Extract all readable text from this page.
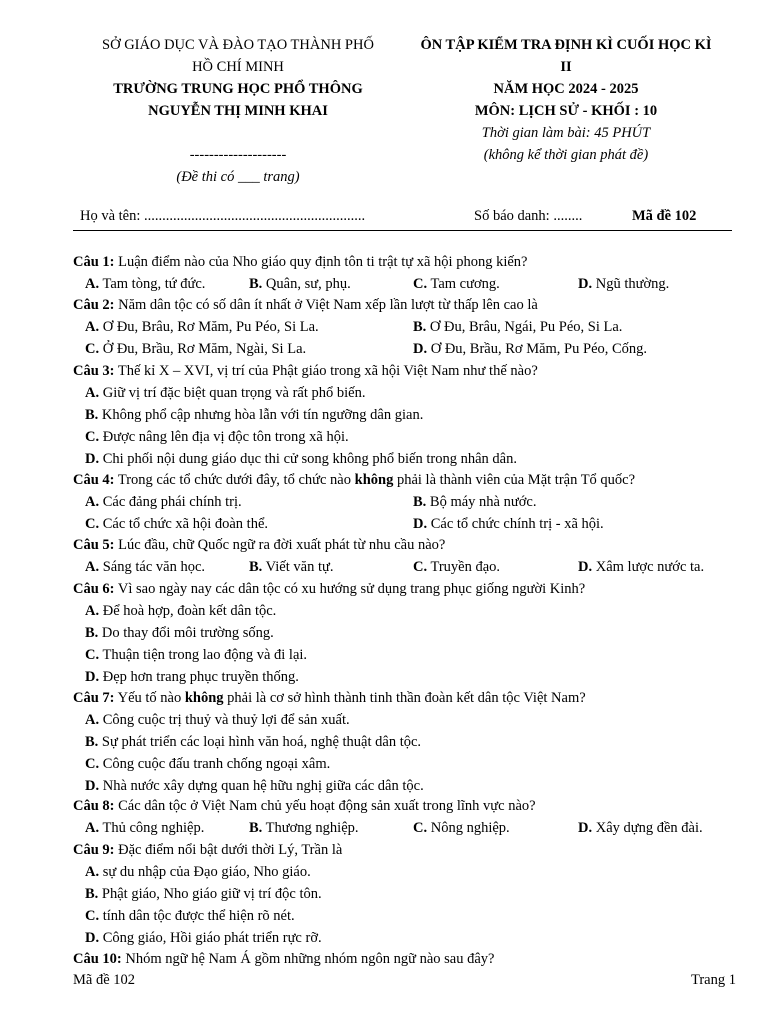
SỞ GIÁO DỤC VÀ ĐÀO TẠO THÀNH PHỐ
HỒ CHÍ MINH
TRƯỜNG TRUNG HỌC PHỔ THÔNG
NGUYỄN THỊ MINH KHAI
--------------------
(Đề thi có ___ trang)
ÔN TẬP KIỂM TRA ĐỊNH KÌ CUỐI HỌC KÌ
II
NĂM HỌC 2024 - 2025
MÔN: LỊCH SỬ - KHỐI : 10
Thời gian làm bài: 45 PHÚT
(không kể thời gian phát đề)
Họ và tên: .............................................................	Số báo danh: ........	Mã đề 102
Câu 1: Luận điểm nào của Nho giáo quy định tôn ti trật tự xã hội phong kiến?
A. Tam tòng, tứ đức.	B. Quân, sư, phụ.	C. Tam cương.	D. Ngũ thường.
Câu 2: Năm dân tộc có số dân ít nhất ở Việt Nam xếp lần lượt từ thấp lên cao là
A. Ơ Đu, Brâu, Rơ Măm, Pu Péo, Si La.	B. Ơ Đu, Brâu, Ngái, Pu Péo, Si La.
C. Ở Đu, Brầu, Rơ Măm, Ngài, Si La.	D. Ơ Đu, Brầu, Rơ Măm, Pu Péo, Cống.
Câu 3: Thế kỉ X – XVI, vị trí của Phật giáo trong xã hội Việt Nam như thế nào?
A. Giữ vị trí đặc biệt quan trọng và rất phổ biến.
B. Không phổ cập nhưng hòa lẫn với tín ngưỡng dân gian.
C. Được nâng lên địa vị độc tôn trong xã hội.
D. Chi phối nội dung giáo dục thi cử song không phổ biến trong nhân dân.
Câu 4: Trong các tổ chức dưới đây, tổ chức nào không phải là thành viên của Mặt trận Tổ quốc?
A. Các đảng phái chính trị.	B. Bộ máy nhà nước.
C. Các tổ chức xã hội đoàn thể.	D. Các tổ chức chính trị - xã hội.
Câu 5: Lúc đầu, chữ Quốc ngữ ra đời xuất phát từ nhu cầu nào?
A. Sáng tác văn học.	B. Viết văn tự.	C. Truyền đạo.	D. Xâm lược nước ta.
Câu 6: Vì sao ngày nay các dân tộc có xu hướng sử dụng trang phục giống người Kinh?
A. Để hoà hợp, đoàn kết dân tộc.
B. Do thay đổi môi trường sống.
C. Thuận tiện trong lao động và đi lại.
D. Đẹp hơn trang phục truyền thống.
Câu 7: Yếu tố nào không phải là cơ sở hình thành tinh thần đoàn kết dân tộc Việt Nam?
A. Công cuộc trị thuỷ và thuỷ lợi để sản xuất.
B. Sự phát triển các loại hình văn hoá, nghệ thuật dân tộc.
C. Công cuộc đấu tranh chống ngoại xâm.
D. Nhà nước xây dựng quan hệ hữu nghị giữa các dân tộc.
Câu 8: Các dân tộc ở Việt Nam chủ yếu hoạt động sản xuất trong lĩnh vực nào?
A. Thủ công nghiệp.	B. Thương nghiệp.	C. Nông nghiệp.	D. Xây dựng đền đài.
Câu 9: Đặc điểm nổi bật dưới thời Lý, Trần là
A. sự du nhập của Đạo giáo, Nho giáo.
B. Phật giáo, Nho giáo giữ vị trí độc tôn.
C. tính dân tộc được thể hiện rõ nét.
D. Công giáo, Hồi giáo phát triển rực rỡ.
Câu 10: Nhóm ngữ hệ Nam Á gồm những nhóm ngôn ngữ nào sau đây?
Mã đề 102	Trang 1
